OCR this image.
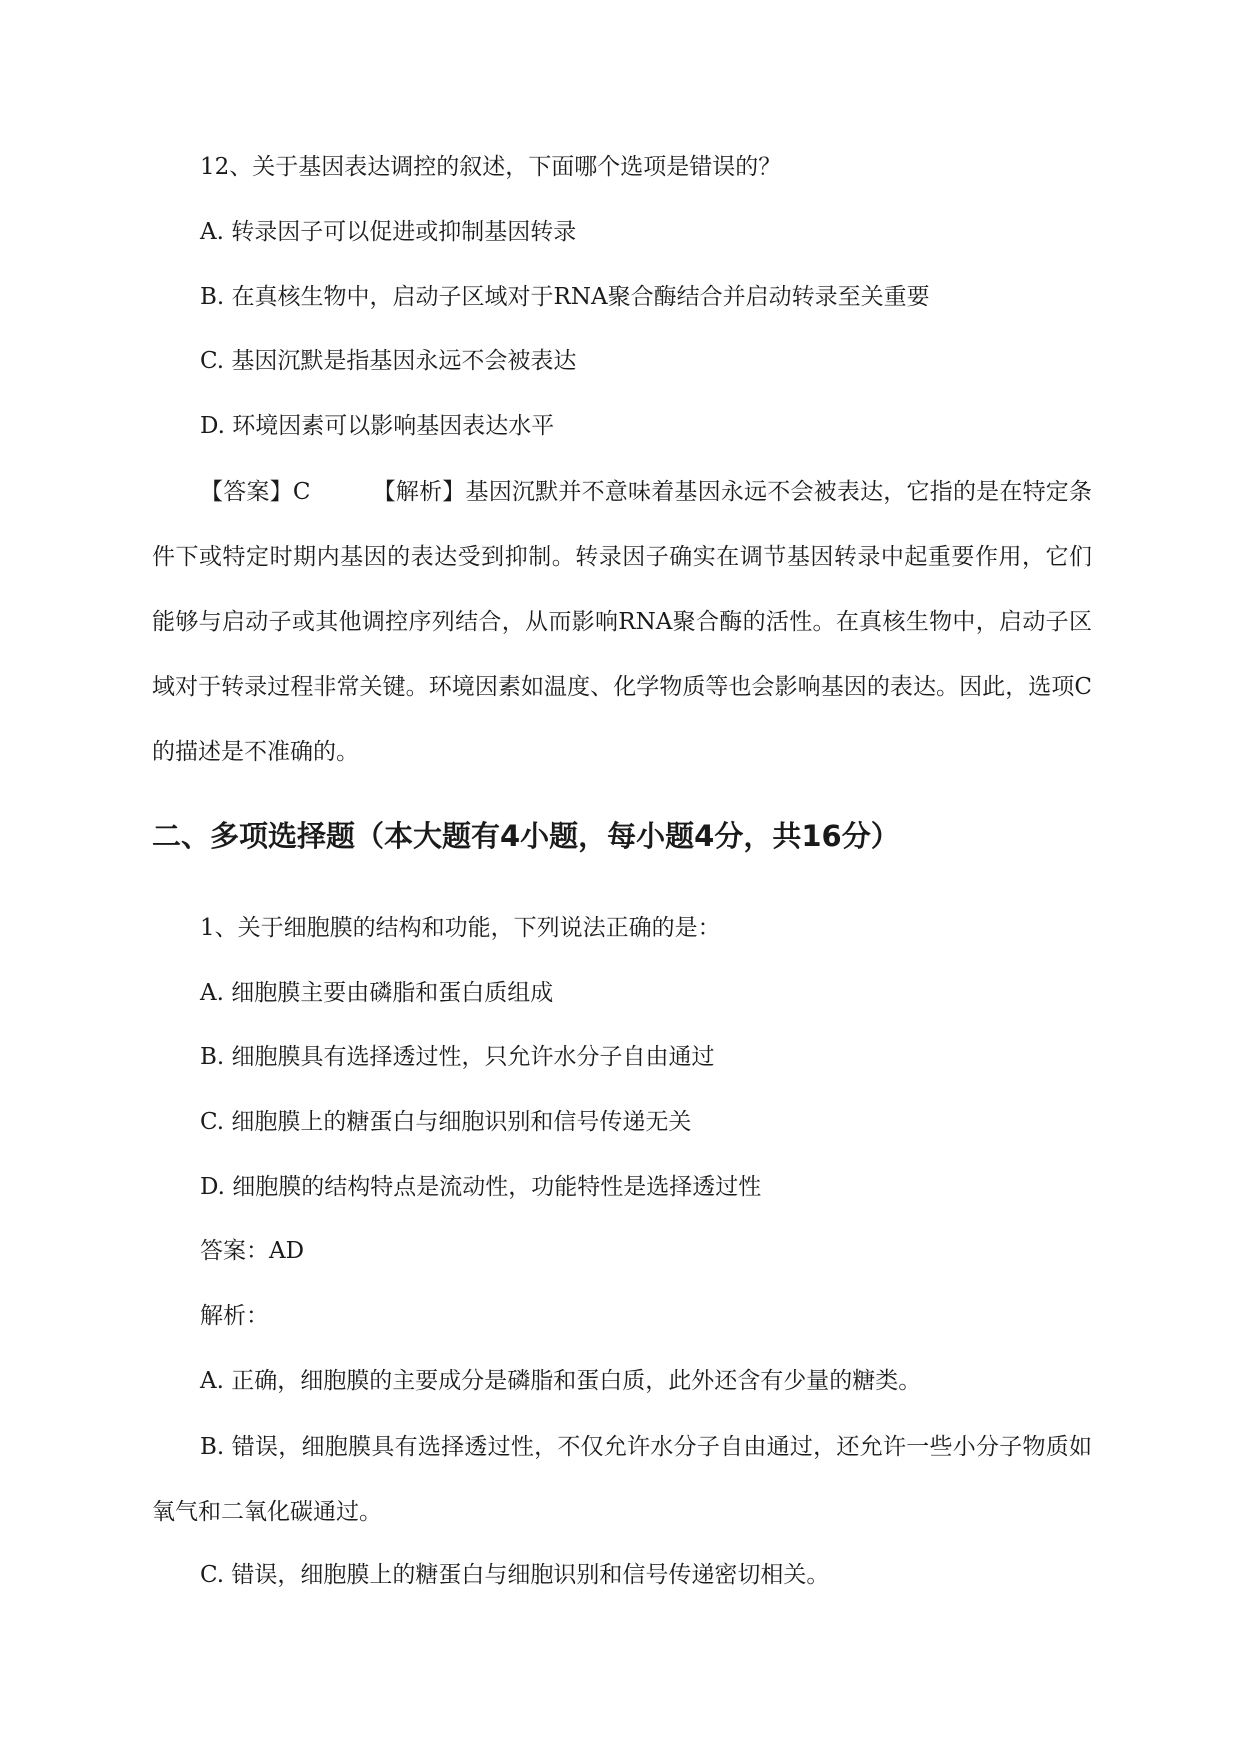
12、关于基因表达调控的叙述，下面哪个选项是错误的？
A. 转录因子可以促进或抑制基因转录
B. 在真核生物中，启动子区域对于RNA聚合酶结合并启动转录至关重要
C. 基因沉默是指基因永远不会被表达
D. 环境因素可以影响基因表达水平
【答案】C	【解析】基因沉默并不意味着基因永远不会被表达，它指的是在特定条件下或特定时期内基因的表达受到抑制。转录因子确实在调节基因转录中起重要作用，它们能够与启动子或其他调控序列结合，从而影响RNA聚合酶的活性。在真核生物中，启动子区域对于转录过程非常关键。环境因素如温度、化学物质等也会影响基因的表达。因此，选项C的描述是不准确的。
二、多项选择题（本大题有4小题，每小题4分，共16分）
1、关于细胞膜的结构和功能，下列说法正确的是：
A. 细胞膜主要由磷脂和蛋白质组成
B. 细胞膜具有选择透过性，只允许水分子自由通过
C. 细胞膜上的糖蛋白与细胞识别和信号传递无关
D. 细胞膜的结构特点是流动性，功能特性是选择透过性
答案：AD
解析：
A. 正确，细胞膜的主要成分是磷脂和蛋白质，此外还含有少量的糖类。
B. 错误，细胞膜具有选择透过性，不仅允许水分子自由通过，还允许一些小分子物质如氧气和二氧化碳通过。
C. 错误，细胞膜上的糖蛋白与细胞识别和信号传递密切相关。
